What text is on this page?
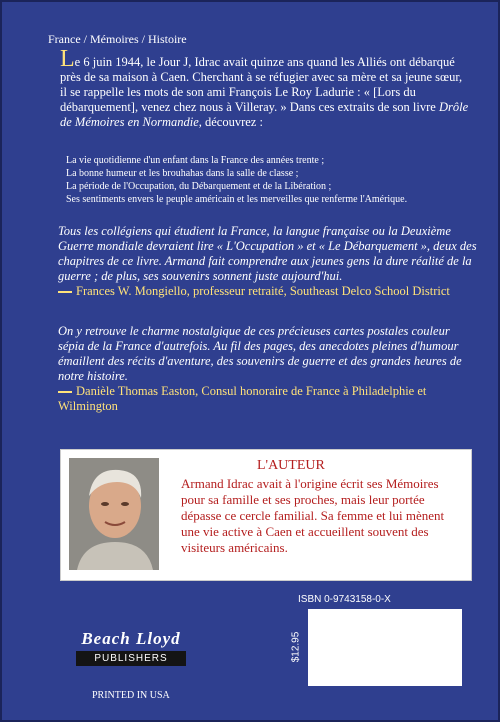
France / Mémoires / Histoire
Le 6 juin 1944, le Jour J, Idrac avait quinze ans quand les Alliés ont débarqué près de sa maison à Caen. Cherchant à se réfugier avec sa mère et sa jeune sœur, il se rappelle les mots de son ami François Le Roy Ladurie : « [Lors du débarquement], venez chez nous à Villeray. » Dans ces extraits de son livre Drôle de Mémoires en Normandie, découvrez :
La vie quotidienne d'un enfant dans la France des années trente ;
La bonne humeur et les brouhahas dans la salle de classe ;
La période de l'Occupation, du Débarquement et de la Libération ;
Ses sentiments envers le peuple américain et les merveilles que renferme l'Amérique.
Tous les collégiens qui étudient la France, la langue française ou la Deuxième Guerre mondiale devraient lire « L'Occupation » et « Le Débarquement », deux des chapitres de ce livre. Armand fait comprendre aux jeunes gens la dure réalité de la guerre ; de plus, ses souvenirs sonnent juste aujourd'hui.
Frances W. Mongiello, professeur retraité, Southeast Delco School District
On y retrouve le charme nostalgique de ces précieuses cartes postales couleur sépia de la France d'autrefois. Au fil des pages, des anecdotes pleines d'humour émaillent des récits d'aventure, des souvenirs de guerre et des grandes heures de notre histoire.
Danièle Thomas Easton, Consul honoraire de France à Philadelphie et Wilmington
L'AUTEUR
Armand Idrac avait à l'origine écrit ses Mémoires pour sa famille et ses proches, mais leur portée dépasse ce cercle familial. Sa femme et lui mènent une vie active à Caen et accueillent souvent des visiteurs américains.
ISBN 0-9743158-0-X
$12.95
Beach Lloyd
PUBLISHERS
PRINTED IN USA
